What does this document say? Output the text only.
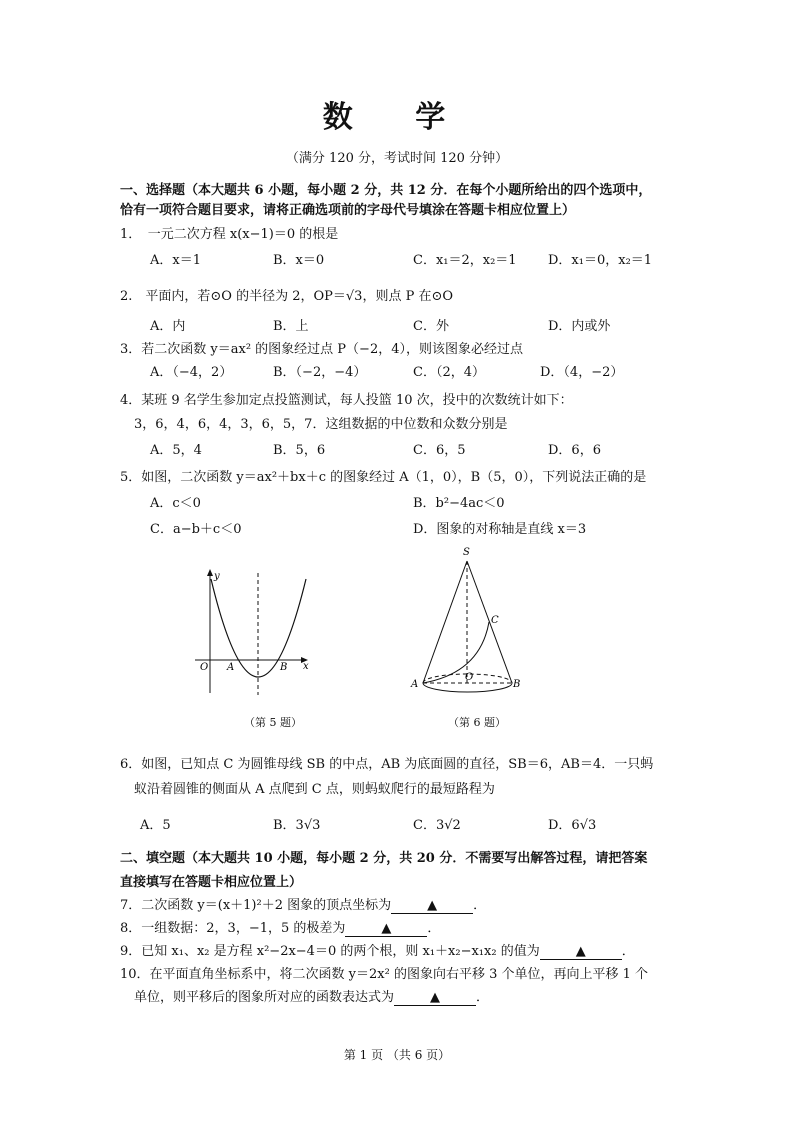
数 学
（满分 120 分，考试时间 120 分钟）
一、选择题（本大题共 6 小题，每小题 2 分，共 12 分．在每个小题所给出的四个选项中，
恰有一项符合题目要求，请将正确选项前的字母代号填涂在答题卡相应位置上）
1．　一元二次方程 x(x−1)＝0 的根是
A．x＝1	B．x＝0	C．x₁＝2，x₂＝1 D．x₁＝0，x₂＝1
2.　平面内，若⊙O 的半径为 2，OP＝√3，则点 P 在⊙O
A．内	B．上	C．外	D．内或外
3．若二次函数 y＝ax² 的图象经过点 P（−2，4），则该图象必经过点
A．（−4，2）	B．（−2，−4）	C．（2，4）	D．（4，−2）
4．某班 9 名学生参加定点投篮测试，每人投篮 10 次，投中的次数统计如下：
3，6，4，6，4，3，6，5，7．这组数据的中位数和众数分别是
A．5，4	B．5，6	C．6，5	D．6，6
5．如图，二次函数 y＝ax²＋bx＋c 的图象经过 A（1，0），B（5，0），下列说法正确的是
A．c＜0	B．b²−4ac＜0
C．a−b＋c＜0	D．图象的对称轴是直线 x＝3
y
x
O A	B
（第 5 题）
S
C
A
O
B
（第 6 题）
6．如图，已知点 C 为圆锥母线 SB 的中点，AB 为底面圆的直径，SB＝6，AB＝4．一只蚂
蚁沿着圆锥的侧面从 A 点爬到 C 点，则蚂蚁爬行的最短路程为
A．5	B．3√3	C．3√2	D．6√3
二、填空题（本大题共 10 小题，每小题 2 分，共 20 分．不需要写出解答过程，请把答案
直接填写在答题卡相应位置上）
7．二次函数 y＝(x＋1)²＋2 图象的顶点坐标为	▲	．
8．一组数据：2，3，−1，5 的极差为	▲	．
9．已知 x₁、x₂ 是方程 x²−2x−4＝0 的两个根，则 x₁＋x₂−x₁x₂ 的值为	▲	．
10．在平面直角坐标系中，将二次函数 y＝2x² 的图象向右平移 3 个单位，再向上平移 1 个
单位，则平移后的图象所对应的函数表达式为	▲	．
第 1 页 （共 6 页）
